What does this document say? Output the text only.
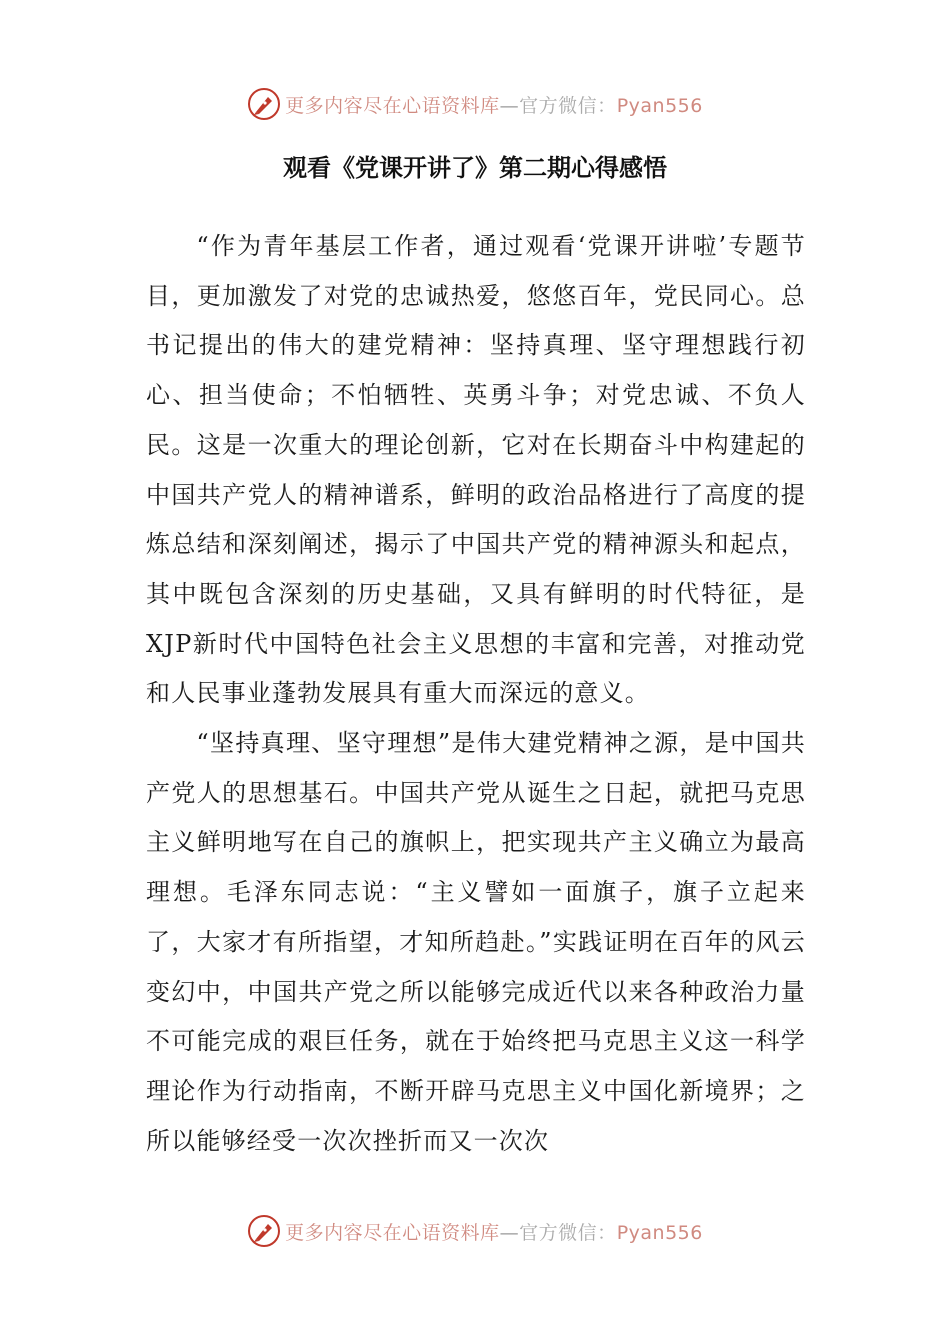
更多内容尽在心语资料库—官方微信：Pyan556
观看《党课开讲了》第二期心得感悟

“作为青年基层工作者，通过观看‘党课开讲啦’专题节目，更加激发了对党的忠诚热爱，悠悠百年，党民同心。总书记提出的伟大的建党精神：坚持真理、坚守理想践行初心、担当使命；不怕牺牲、英勇斗争；对党忠诚、不负人民。这是一次重大的理论创新，它对在长期奋斗中构建起的中国共产党人的精神谱系，鲜明的政治品格进行了高度的提炼总结和深刻阐述，揭示了中国共产党的精神源头和起点，其中既包含深刻的历史基础，又具有鲜明的时代特征，是XJP新时代中国特色社会主义思想的丰富和完善，对推动党和人民事业蓬勃发展具有重大而深远的意义。

“坚持真理、坚守理想”是伟大建党精神之源，是中国共产党人的思想基石。中国共产党从诞生之日起，就把马克思主义鲜明地写在自己的旗帜上，把实现共产主义确立为最高理想。毛泽东同志说：“主义譬如一面旗子，旗子立起来了，大家才有所指望，才知所趋赴。”实践证明在百年的风云变幻中，中国共产党之所以能够完成近代以来各种政治力量不可能完成的艰巨任务，就在于始终把马克思主义这一科学理论作为行动指南，不断开辟马克思主义中国化新境界；之所以能够经受一次次挫折而又一次次

更多内容尽在心语资料库—官方微信：Pyan556
